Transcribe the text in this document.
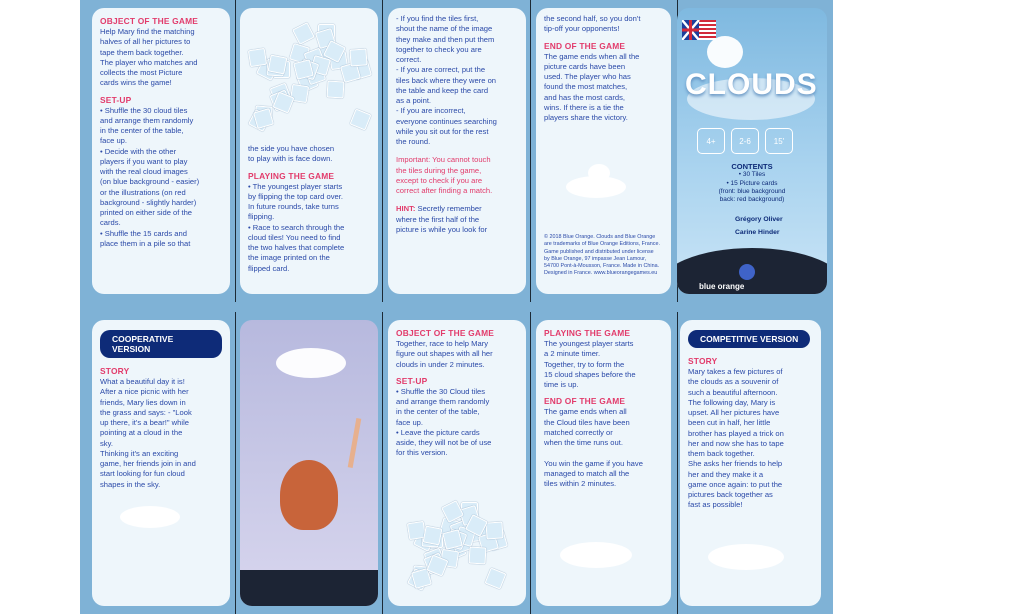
OBJECT OF THE GAME
Help Mary find the matching
halves of all her pictures to
tape them back together.
The player who matches and
collects the most Picture
cards wins the game!
SET-UP
• Shuffle the 30 cloud tiles
and arrange them randomly
in the center of the table,
face up.
• Decide with the other
players if you want to play
with the real cloud images
(on blue background - easier)
or the illustrations (on red
background - slightly harder)
printed on either side of the
cards.
• Shuffle the 15 cards and
place them in a pile so that
the side you have chosen
to play with is face down.
PLAYING THE GAME
• The youngest player starts
by flipping the top card over.
In future rounds, take turns
flipping.
• Race to search through the
cloud tiles! You need to find
the two halves that complete
the image printed on the
flipped card.
- If you find the tiles first,
shout the name of the image
they make and then put them
together to check you are
correct.
- If you are correct, put the
tiles back where they were on
the table and keep the card
as a point.
- If you are incorrect,
everyone continues searching
while you sit out for the rest
the round.
Important: You cannot touch
the tiles during the game,
except to check if you are
correct after finding a match.
HINT: Secretly remember
where the first half of the
picture is while you look for
the second half, so you don't
tip-off your opponents!
END OF THE GAME
The game ends when all the
picture cards have been
used. The player who has
found the most matches,
and has the most cards,
wins. If there is a tie the
players share the victory.
© 2018 Blue Orange. Clouds and Blue Orange
are trademarks of Blue Orange Editions, France.
Game published and distributed under license
by Blue Orange, 97 impasse Jean Lamour,
54700 Pont-à-Mousson, France. Made in China.
Designed in France. www.blueorangegames.eu
CLOUDS
4+	2-6	15'
CONTENTS
• 30 Tiles
• 15 Picture cards
(front: blue background
back: red background)
Grégory Oliver
Carine Hinder
blue orange
COOPERATIVE VERSION
STORY
What a beautiful day it is!
After a nice picnic with her
friends, Mary lies down in
the grass and says: - "Look
up there, it's a bear!" while
pointing at a cloud in the
sky.
Thinking it's an exciting
game, her friends join in and
start looking for fun cloud
shapes in the sky.
OBJECT OF THE GAME
Together, race to help Mary
figure out shapes with all her
clouds in under 2 minutes.
SET-UP
• Shuffle the 30 Cloud tiles
and arrange them randomly
in the center of the table,
face up.
• Leave the picture cards
aside, they will not be of use
for this version.
PLAYING THE GAME
The youngest player starts
a 2 minute timer.
Together, try to form the
15 cloud shapes before the
time is up.
END OF THE GAME
The game ends when all
the Cloud tiles have been
matched correctly or
when the time runs out.

You win the game if you have
managed to match all the
tiles within 2 minutes.
COMPETITIVE VERSION
STORY
Mary takes a few pictures of
the clouds as a souvenir of
such a beautiful afternoon.
The following day, Mary is
upset. All her pictures have
been cut in half, her little
brother has played a trick on
her and now she has to tape
them back together.
She asks her friends to help
her and they make it a
game once again: to put the
pictures back together as
fast as possible!
